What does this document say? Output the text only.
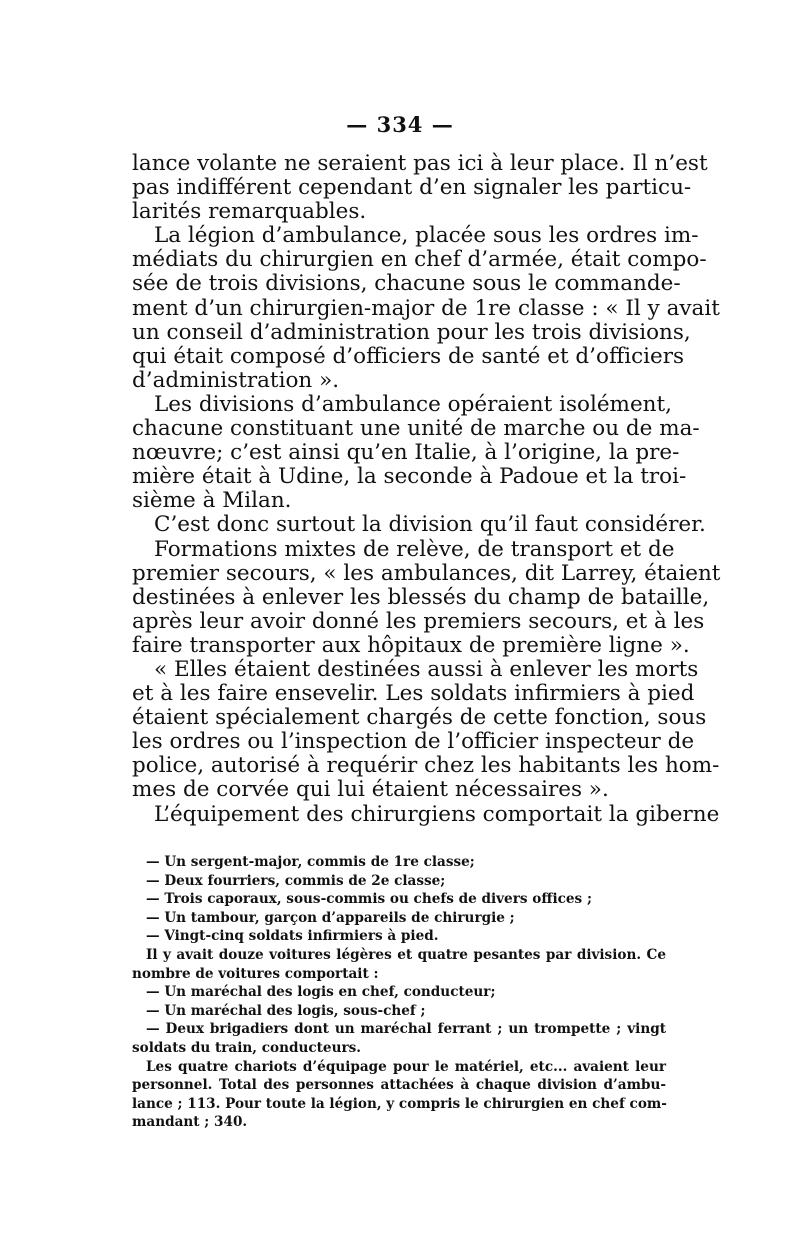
— 334 —
lance volante ne seraient pas ici à leur place. Il n’est
pas indifférent cependant d’en signaler les particu-
larités remarquables.
La légion d’ambulance, placée sous les ordres im-
médiats du chirurgien en chef d’armée, était compo-
sée de trois divisions, chacune sous le commande-
ment d’un chirurgien-major de 1re classe : « Il y avait
un conseil d’administration pour les trois divisions,
qui était composé d’officiers de santé et d’officiers
d’administration ».
Les divisions d’ambulance opéraient isolément,
chacune constituant une unité de marche ou de ma-
nœuvre; c’est ainsi qu’en Italie, à l’origine, la pre-
mière était à Udine, la seconde à Padoue et la troi-
sième à Milan.
C’est donc surtout la division qu’il faut considérer.
Formations mixtes de relève, de transport et de
premier secours, « les ambulances, dit Larrey, étaient
destinées à enlever les blessés du champ de bataille,
après leur avoir donné les premiers secours, et à les
faire transporter aux hôpitaux de première ligne ».
« Elles étaient destinées aussi à enlever les morts
et à les faire ensevelir. Les soldats infirmiers à pied
étaient spécialement chargés de cette fonction, sous
les ordres ou l’inspection de l’officier inspecteur de
police, autorisé à requérir chez les habitants les hom-
mes de corvée qui lui étaient nécessaires ».
L’équipement des chirurgiens comportait la giberne
— Un sergent-major, commis de 1re classe;
— Deux fourriers, commis de 2e classe;
— Trois caporaux, sous-commis ou chefs de divers offices ;
— Un tambour, garçon d’appareils de chirurgie ;
— Vingt-cinq soldats infirmiers à pied.
Il y avait douze voitures légères et quatre pesantes par division. Ce
nombre de voitures comportait :
— Un maréchal des logis en chef, conducteur;
— Un maréchal des logis, sous-chef ;
— Deux brigadiers dont un maréchal ferrant ; un trompette ; vingt
soldats du train, conducteurs.
Les quatre chariots d’équipage pour le matériel, etc... avaient leur
personnel. Total des personnes attachées à chaque division d’ambu-
lance ; 113. Pour toute la légion, y compris le chirurgien en chef com-
mandant ; 340.
